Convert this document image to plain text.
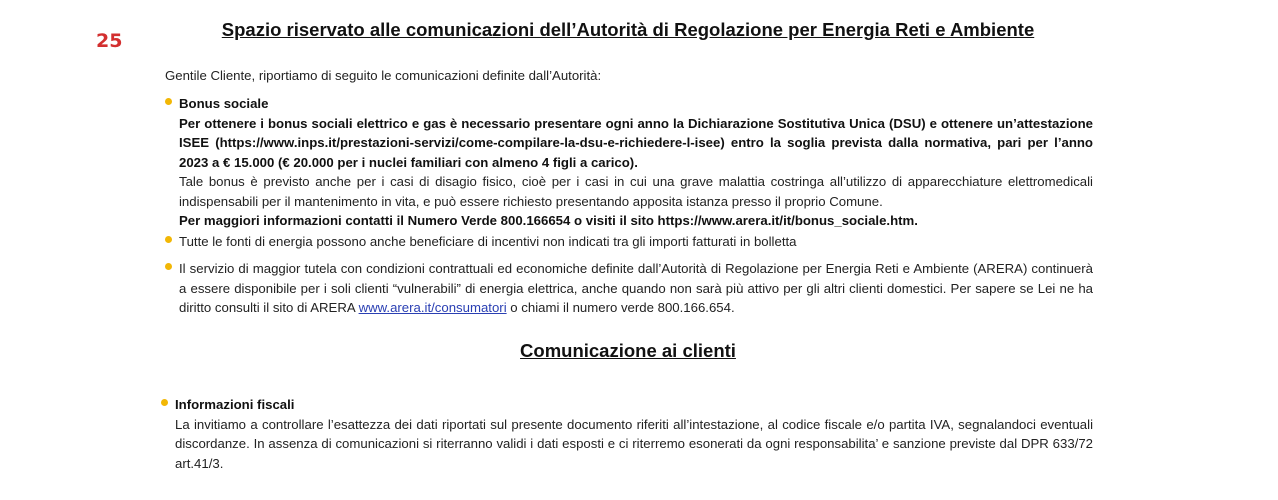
25
Spazio riservato alle comunicazioni dell’Autorità di Regolazione per Energia Reti e Ambiente
Gentile Cliente, riportiamo di seguito le comunicazioni definite dall’Autorità:
Bonus sociale
Per ottenere i bonus sociali elettrico e gas è necessario presentare ogni anno la Dichiarazione Sostitutiva Unica (DSU) e ottenere un’attestazione ISEE (https://www.inps.it/prestazioni-servizi/come-compilare-la-dsu-e-richiedere-l-isee) entro la soglia prevista dalla normativa, pari per l’anno 2023 a € 15.000 (€ 20.000 per i nuclei familiari con almeno 4 figli a carico).
Tale bonus è previsto anche per i casi di disagio fisico, cioè per i casi in cui una grave malattia costringa all’utilizzo di apparecchiature elettromedicali indispensabili per il mantenimento in vita, e può essere richiesto presentando apposita istanza presso il proprio Comune.
Per maggiori informazioni contatti il Numero Verde 800.166654 o visiti il sito https://www.arera.it/it/bonus_sociale.htm.
Tutte le fonti di energia possono anche beneficiare di incentivi non indicati tra gli importi fatturati in bolletta
Il servizio di maggior tutela con condizioni contrattuali ed economiche definite dall’Autorità di Regolazione per Energia Reti e Ambiente (ARERA) continuerà a essere disponibile per i soli clienti “vulnerabili” di energia elettrica, anche quando non sarà più attivo per gli altri clienti domestici. Per sapere se Lei ne ha diritto consulti il sito di ARERA www.arera.it/consumatori o chiami il numero verde 800.166.654.
Comunicazione ai clienti
Informazioni fiscali
La invitiamo a controllare l’esattezza dei dati riportati sul presente documento riferiti all’intestazione, al codice fiscale e/o partita IVA, segnalandoci eventuali discordanze. In assenza di comunicazioni si riterranno validi i dati esposti e ci riterremo esonerati da ogni responsabilita’ e sanzione previste dal DPR 633/72 art.41/3.
